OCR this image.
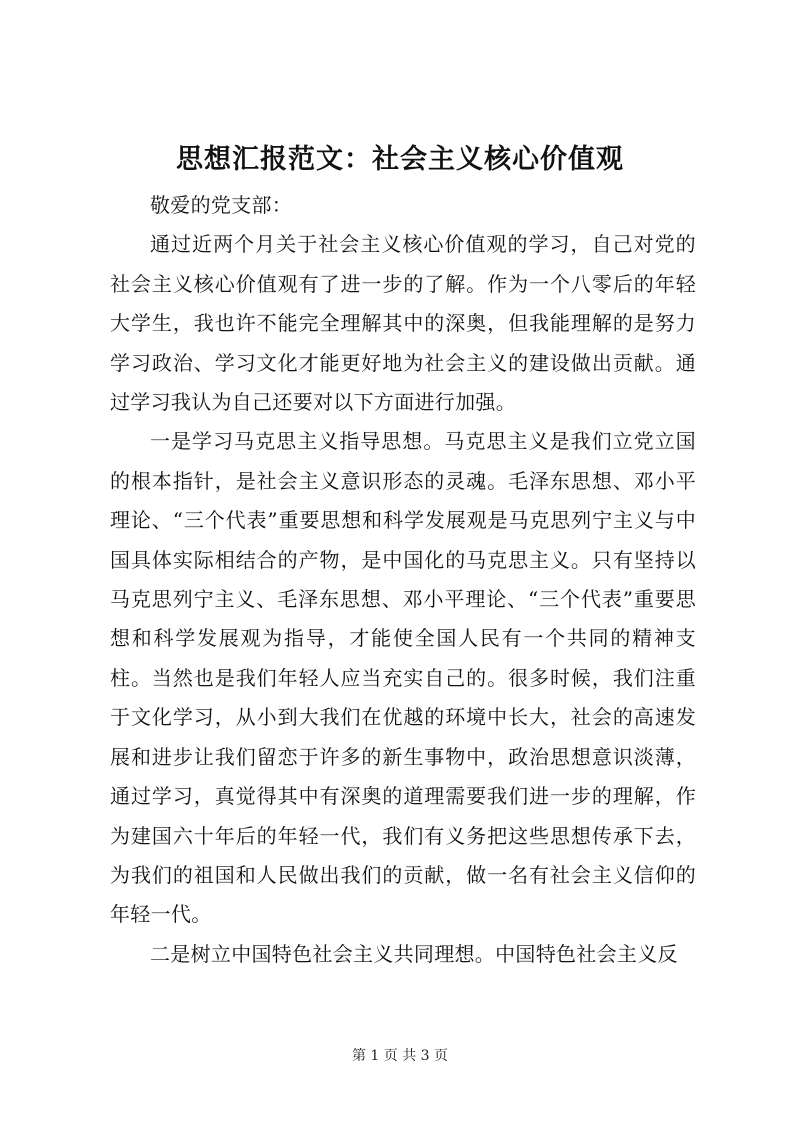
思想汇报范文：社会主义核心价值观

敬爱的党支部：

通过近两个月关于社会主义核心价值观的学习，自己对党的社会主义核心价值观有了进一步的了解。作为一个八零后的年轻大学生，我也许不能完全理解其中的深奥，但我能理解的是努力学习政治、学习文化才能更好地为社会主义的建设做出贡献。通过学习我认为自己还要对以下方面进行加强。

一是学习马克思主义指导思想。马克思主义是我们立党立国的根本指针，是社会主义意识形态的灵魂。毛泽东思想、邓小平理论、“三个代表”重要思想和科学发展观是马克思列宁主义与中国具体实际相结合的产物，是中国化的马克思主义。只有坚持以马克思列宁主义、毛泽东思想、邓小平理论、“三个代表”重要思想和科学发展观为指导，才能使全国人民有一个共同的精神支柱。当然也是我们年轻人应当充实自己的。很多时候，我们注重于文化学习，从小到大我们在优越的环境中长大，社会的高速发展和进步让我们留恋于许多的新生事物中，政治思想意识淡薄，通过学习，真觉得其中有深奥的道理需要我们进一步的理解，作为建国六十年后的年轻一代，我们有义务把这些思想传承下去，为我们的祖国和人民做出我们的贡献，做一名有社会主义信仰的年轻一代。

二是树立中国特色社会主义共同理想。中国特色社会主义反

第 1 页 共 3 页
